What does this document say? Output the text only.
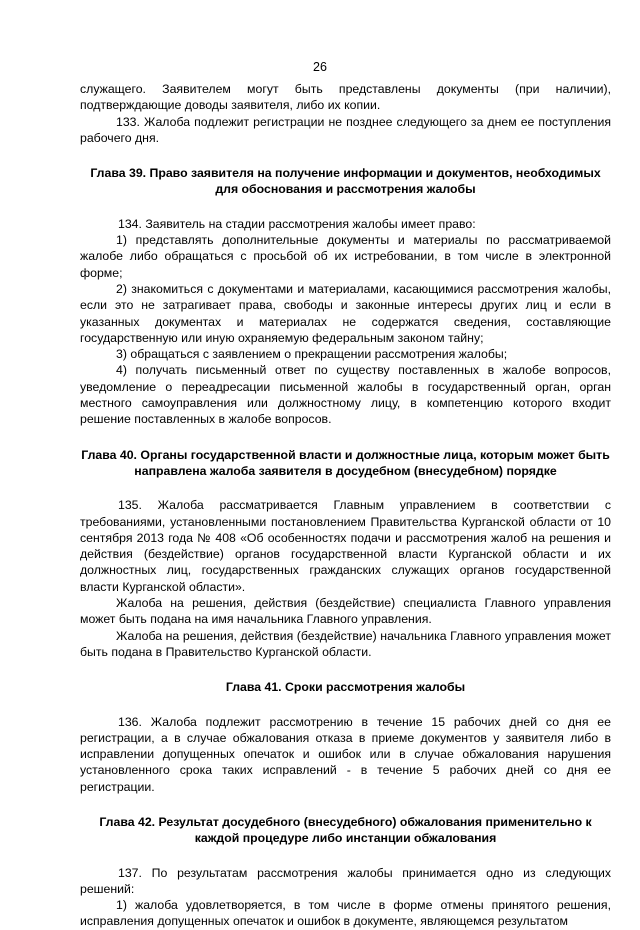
26

служащего. Заявителем могут быть представлены документы (при наличии), подтверждающие доводы заявителя, либо их копии.

133. Жалоба подлежит регистрации не позднее следующего за днем ее поступления рабочего дня.

Глава 39. Право заявителя на получение информации и документов, необходимых для обоснования и рассмотрения жалобы

134. Заявитель на стадии рассмотрения жалобы имеет право:

1) представлять дополнительные документы и материалы по рассматриваемой жалобе либо обращаться с просьбой об их истребовании, в том числе в электронной форме;

2) знакомиться с документами и материалами, касающимися рассмотрения жалобы, если это не затрагивает права, свободы и законные интересы других лиц и если в указанных документах и материалах не содержатся сведения, составляющие государственную или иную охраняемую федеральным законом тайну;

3) обращаться с заявлением о прекращении рассмотрения жалобы;

4) получать письменный ответ по существу поставленных в жалобе вопросов, уведомление о переадресации письменной жалобы в государственный орган, орган местного самоуправления или должностному лицу, в компетенцию которого входит решение поставленных в жалобе вопросов.

Глава 40. Органы государственной власти и должностные лица, которым может быть направлена жалоба заявителя в досудебном (внесудебном) порядке

135. Жалоба рассматривается Главным управлением в соответствии с требованиями, установленными постановлением Правительства Курганской области от 10 сентября 2013 года № 408 «Об особенностях подачи и рассмотрения жалоб на решения и действия (бездействие) органов государственной власти Курганской области и их должностных лиц, государственных гражданских служащих органов государственной власти Курганской области».

Жалоба на решения, действия (бездействие) специалиста Главного управления может быть подана на имя начальника Главного управления.

Жалоба на решения, действия (бездействие) начальника Главного управления может быть подана в Правительство Курганской области.

Глава 41. Сроки рассмотрения жалобы

136. Жалоба подлежит рассмотрению в течение 15 рабочих дней со дня ее регистрации, а в случае обжалования отказа в приеме документов у заявителя либо в исправлении допущенных опечаток и ошибок или в случае обжалования нарушения установленного срока таких исправлений - в течение 5 рабочих дней со дня ее регистрации.

Глава 42. Результат досудебного (внесудебного) обжалования применительно к каждой процедуре либо инстанции обжалования

137. По результатам рассмотрения жалобы принимается одно из следующих решений:

1) жалоба удовлетворяется, в том числе в форме отмены принятого решения, исправления допущенных опечаток и ошибок в документе, являющемся результатом
